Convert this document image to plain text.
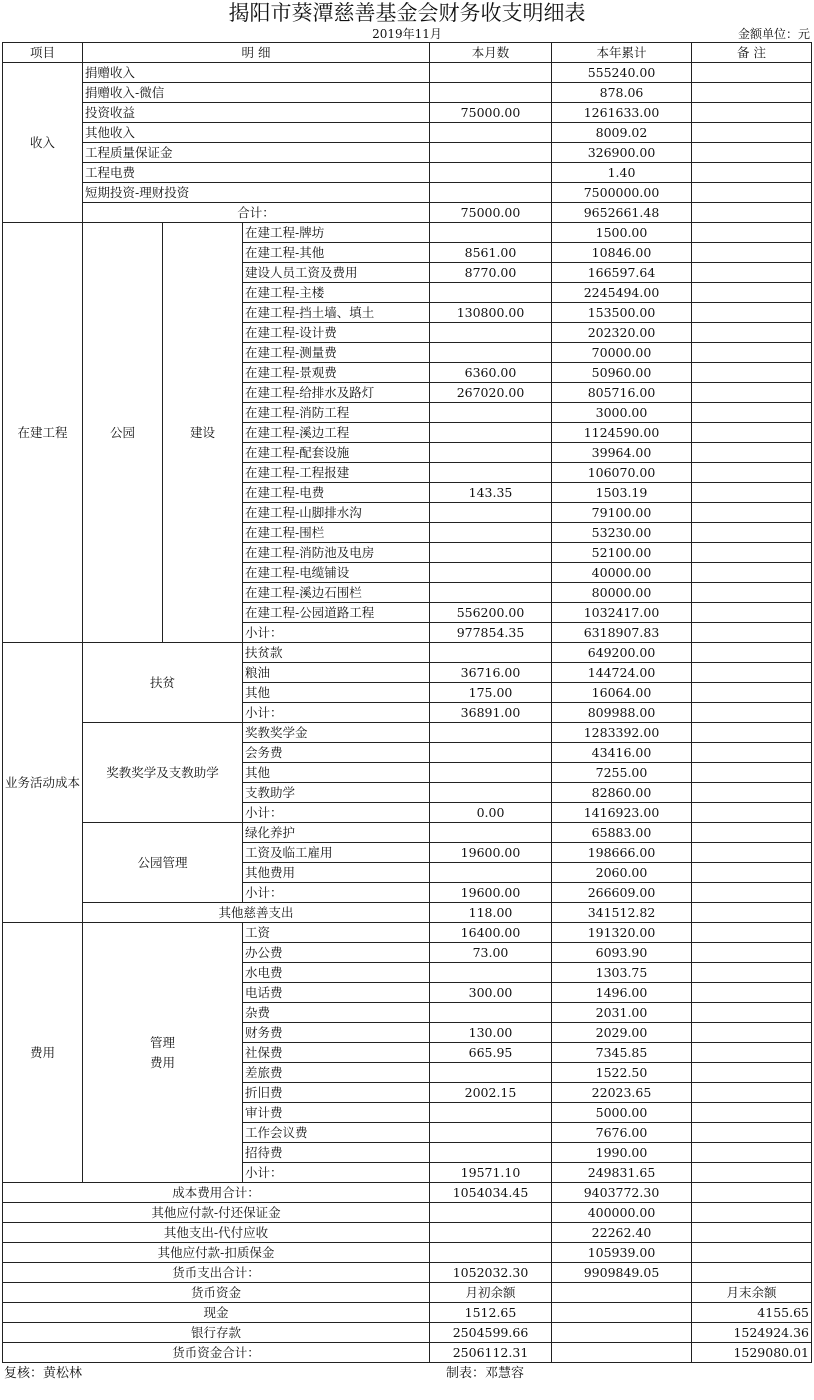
揭阳市葵潭慈善基金会财务收支明细表
2019年11月	金额单位：元
项目	明 细			本月数	本年累计	备 注
收入	捐赠收入				555240.00	
	捐赠收入-微信				878.06	
	投资收益			75000.00	1261633.00	
	其他收入				8009.02	
	工程质量保证金				326900.00	
	工程电费				1.40	
	短期投资-理财投资				7500000.00	
	合计：			75000.00	9652661.48	
在建工程	公园	建设	在建工程-牌坊		1500.00	
			在建工程-其他	8561.00	10846.00	
			建设人员工资及费用	8770.00	166597.64	
			在建工程-主楼		2245494.00	
			在建工程-挡土墙、填土	130800.00	153500.00	
			在建工程-设计费		202320.00	
			在建工程-测量费		70000.00	
			在建工程-景观费	6360.00	50960.00	
			在建工程-给排水及路灯	267020.00	805716.00	
			在建工程-消防工程		3000.00	
			在建工程-溪边工程		1124590.00	
			在建工程-配套设施		39964.00	
			在建工程-工程报建		106070.00	
			在建工程-电费	143.35	1503.19	
			在建工程-山脚排水沟		79100.00	
			在建工程-围栏		53230.00	
			在建工程-消防池及电房		52100.00	
			在建工程-电缆铺设		40000.00	
			在建工程-溪边石围栏		80000.00	
			在建工程-公园道路工程	556200.00	1032417.00	
			小计：	977854.35	6318907.83	
业务活动成本	扶贫		扶贫款		649200.00	
			粮油	36716.00	144724.00	
			其他	175.00	16064.00	
			小计：	36891.00	809988.00	
	奖教奖学及支教助学		奖教奖学金		1283392.00	
			会务费		43416.00	
			其他		7255.00	
			支教助学		82860.00	
			小计：	0.00	1416923.00	
	公园管理		绿化养护		65883.00	
			工资及临工雇用	19600.00	198666.00	
			其他费用		2060.00	
			小计：	19600.00	266609.00	
	其他慈善支出			118.00	341512.82	
费用	管理费用		工资	16400.00	191320.00	
			办公费	73.00	6093.90	
			水电费		1303.75	
			电话费	300.00	1496.00	
			杂费		2031.00	
			财务费	130.00	2029.00	
			社保费	665.95	7345.85	
			差旅费		1522.50	
			折旧费	2002.15	22023.65	
			审计费		5000.00	
			工作会议费		7676.00	
			招待费		1990.00	
			小计：	19571.10	249831.65	
成本费用合计：				1054034.45	9403772.30	
其他应付款-付还保证金					400000.00	
其他支出-代付应收					22262.40	
其他应付款-扣质保金					105939.00	
货币支出合计：				1052032.30	9909849.05	
货币资金				月初余额		月末余额
现金				1512.65		4155.65
银行存款				2504599.66		1524924.36
货币资金合计：				2506112.31		1529080.01
复核：黄松林	制表：邓慧容
